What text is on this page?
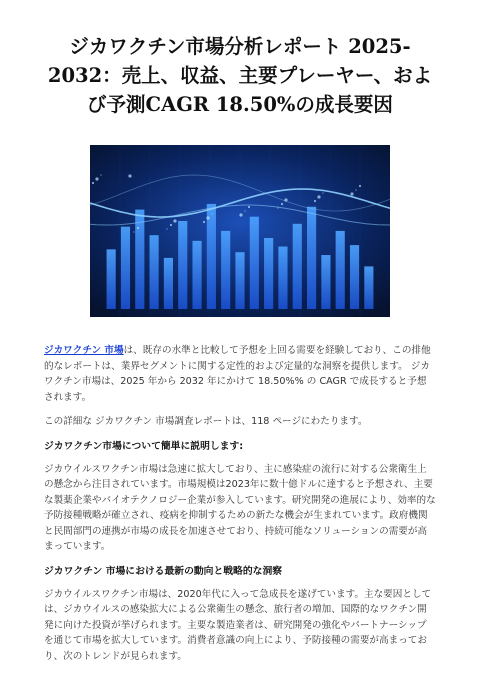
ジカワクチン市場分析レポート 2025-2032：売上、収益、主要プレーヤー、および予測CAGR 18.50%の成長要因

ジカワクチン 市場は、既存の水準と比較して予想を上回る需要を経験しており、この排他的なレポートは、業界セグメントに関する定性的および定量的な洞察を提供します。 ジカワクチン市場は、2025 年から 2032 年にかけて 18.50%% の CAGR で成長すると予想されます。

この詳細な ジカワクチン 市場調査レポートは、118 ページにわたります。

ジカワクチン市場について簡単に説明します:

ジカウイルスワクチン市場は急速に拡大しており、主に感染症の流行に対する公衆衛生上の懸念から注目されています。市場規模は2023年に数十億ドルに達すると予想され、主要な製薬企業やバイオテクノロジー企業が参入しています。研究開発の進展により、効率的な予防接種戦略が確立され、疫病を抑制するための新たな機会が生まれています。政府機関と民間部門の連携が市場の成長を加速させており、持続可能なソリューションの需要が高まっています。

ジカワクチン 市場における最新の動向と戦略的な洞察

ジカウイルスワクチン市場は、2020年代に入って急成長を遂げています。主な要因としては、ジカウイルスの感染拡大による公衆衛生の懸念、旅行者の増加、国際的なワクチン開発に向けた投資が挙げられます。主要な製造業者は、研究開発の強化やパートナーシップを通じて市場を拡大しています。消費者意識の向上により、予防接種の需要が高まっており、次のトレンドが見られます。
